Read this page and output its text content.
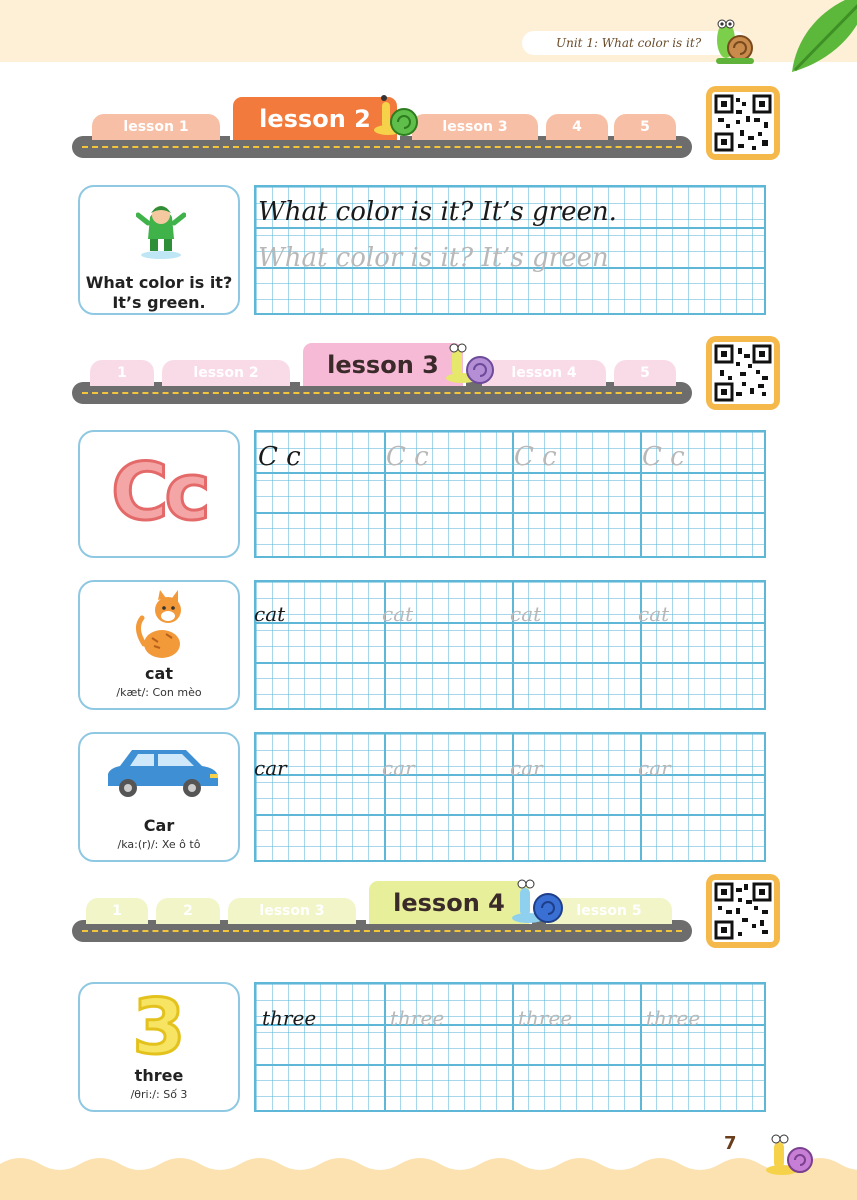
Unit 1: What color is it?
lesson 1	lesson 2	lesson 3	4	5
What color is it?
It’s green.
What color is it? It’s green.
What color is it? It’s green
1	lesson 2	lesson 3	lesson 4	5
Cc	C c	C c	C c	C c
cat
/kæt/: Con mèo
cat	cat	cat	cat
Car
/ka:(r)/: Xe ô tô
car	car	car	car
1	2	lesson 3	lesson 4	lesson 5
3
three
/θri:/: Số 3
three	three	three	three
7
